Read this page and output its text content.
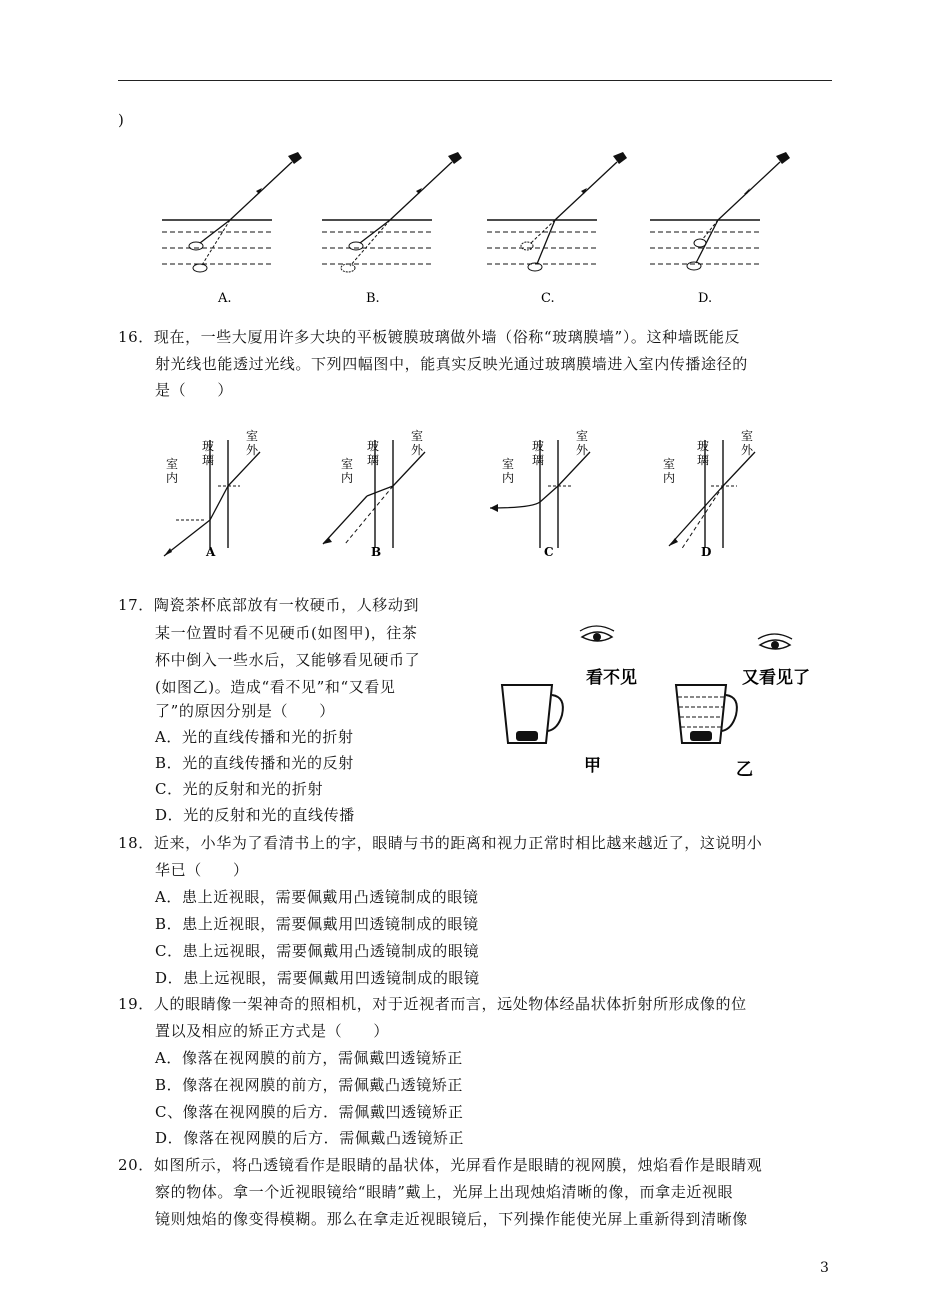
)
A.	B.	C.	D.
16．现在，一些大厦用许多大块的平板镀膜玻璃做外墙（俗称“玻璃膜墙”）。这种墙既能反
射光线也能透过光线。下列四幅图中，能真实反映光通过玻璃膜墙进入室内传播途径的
是（　　）
室
内
玻
璃
室
外
A
室
内
玻
璃
室
外
B
室
内
玻
璃
室
外
C
室
内
玻
璃
室
外
D
17．陶瓷茶杯底部放有一枚硬币，人移动到
某一位置时看不见硬币(如图甲)，往茶
杯中倒入一些水后，又能够看见硬币了
(如图乙)。造成“看不见”和“又看见
了”的原因分别是（　　）
A．光的直线传播和光的折射
B．光的直线传播和光的反射
C．光的反射和光的折射
D．光的反射和光的直线传播
看不见
甲
又看见了
乙
18．近来，小华为了看清书上的字，眼睛与书的距离和视力正常时相比越来越近了，这说明小
华已（　　）
A．患上近视眼，需要佩戴用凸透镜制成的眼镜
B．患上近视眼，需要佩戴用凹透镜制成的眼镜
C．患上远视眼，需要佩戴用凸透镜制成的眼镜
D．患上远视眼，需要佩戴用凹透镜制成的眼镜
19．人的眼睛像一架神奇的照相机，对于近视者而言，远处物体经晶状体折射所形成像的位
置以及相应的矫正方式是（　　）
A．像落在视网膜的前方，需佩戴凹透镜矫正
B．像落在视网膜的前方，需佩戴凸透镜矫正
C、像落在视网膜的后方．需佩戴凹透镜矫正
D．像落在视网膜的后方．需佩戴凸透镜矫正
20．如图所示，将凸透镜看作是眼睛的晶状体，光屏看作是眼睛的视网膜，烛焰看作是眼睛观
察的物体。拿一个近视眼镜给“眼睛”戴上，光屏上出现烛焰清晰的像，而拿走近视眼
镜则烛焰的像变得模糊。那么在拿走近视眼镜后，下列操作能使光屏上重新得到清晰像
3
